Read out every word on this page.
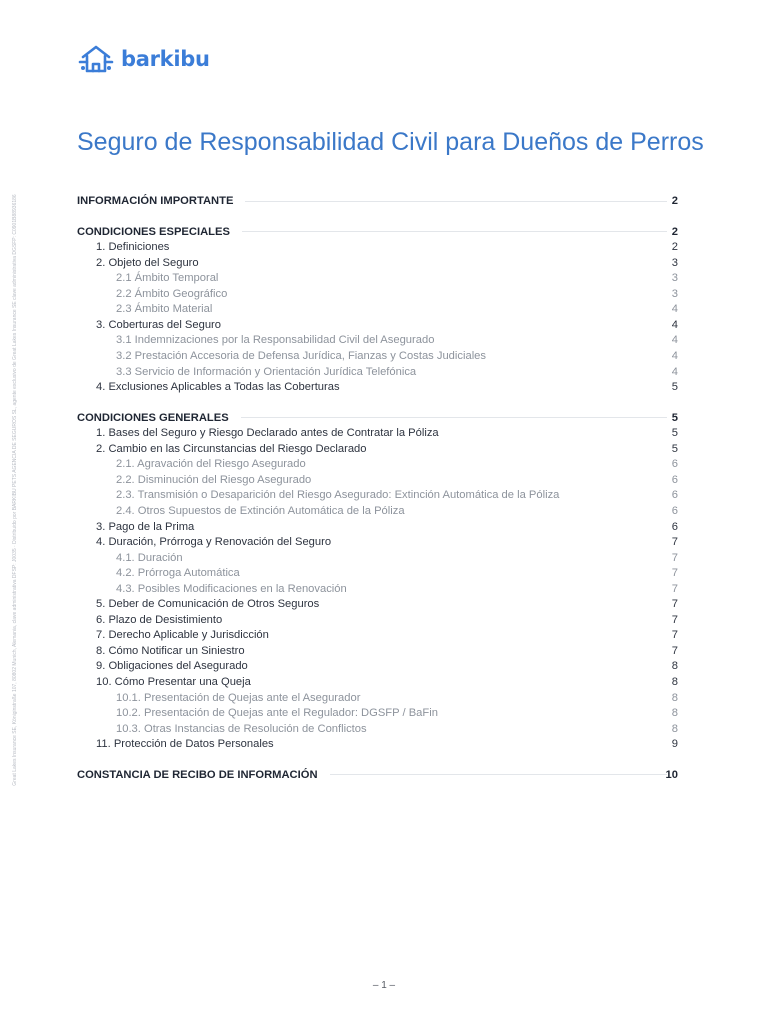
barkibu
Seguro de Responsabilidad Civil para Dueños de Perros
Great Lakes Insurance SE, Königinstraße 107, 80802 Munich, Alemania, clave administrativa DFSP: J0035 · Distribuido por BARKIBU PETS AGENCIA DE SEGUROS SL, agente exclusivo de Great Lakes Insurance SE clave administrativa DGSFP: C0901B88936186	INFORMACIÓN IMPORTANTE	2
CONDICIONES ESPECIALES	2
1. Definiciones	2
2. Objeto del Seguro	3
2.1 Ámbito Temporal	3
2.2 Ámbito Geográfico	3
2.3 Ámbito Material	4
3. Coberturas del Seguro	4
3.1 Indemnizaciones por la Responsabilidad Civil del Asegurado	4
3.2 Prestación Accesoria de Defensa Jurídica, Fianzas y Costas Judiciales	4
3.3 Servicio de Información y Orientación Jurídica Telefónica	4
4. Exclusiones Aplicables a Todas las Coberturas	5
CONDICIONES GENERALES	5
1. Bases del Seguro y Riesgo Declarado antes de Contratar la Póliza	5
2. Cambio en las Circunstancias del Riesgo Declarado	5
2.1. Agravación del Riesgo Asegurado	6
2.2. Disminución del Riesgo Asegurado	6
2.3. Transmisión o Desaparición del Riesgo Asegurado: Extinción Automática de la Póliza	6
2.4. Otros Supuestos de Extinción Automática de la Póliza	6
3. Pago de la Prima	6
4. Duración, Prórroga y Renovación del Seguro	7
4.1. Duración	7
4.2. Prórroga Automática	7
4.3. Posibles Modificaciones en la Renovación	7
5. Deber de Comunicación de Otros Seguros	7
6. Plazo de Desistimiento	7
7. Derecho Aplicable y Jurisdicción	7
8. Cómo Notificar un Siniestro	7
9. Obligaciones del Asegurado	8
10. Cómo Presentar una Queja	8
10.1. Presentación de Quejas ante el Asegurador	8
10.2. Presentación de Quejas ante el Regulador: DGSFP / BaFin	8
10.3. Otras Instancias de Resolución de Conflictos	8
11. Protección de Datos Personales	9
CONSTANCIA DE RECIBO DE INFORMACIÓN	10
– 1 –
